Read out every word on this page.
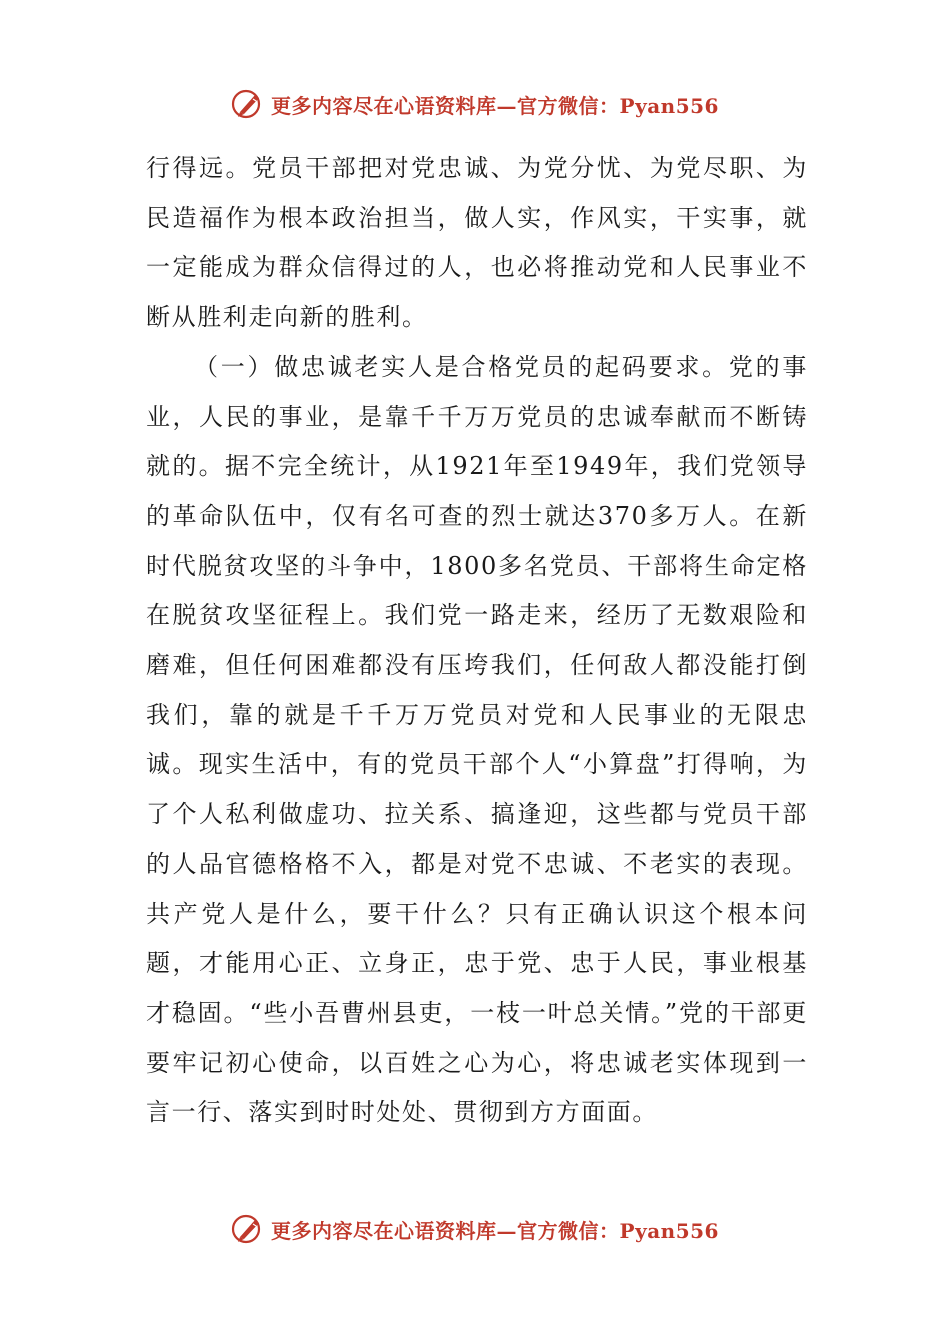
更多内容尽在心语资料库—官方微信：Pyan556

行得远。党员干部把对党忠诚、为党分忧、为党尽职、为民造福作为根本政治担当，做人实，作风实，干实事，就一定能成为群众信得过的人，也必将推动党和人民事业不断从胜利走向新的胜利。

（一）做忠诚老实人是合格党员的起码要求。党的事业，人民的事业，是靠千千万万党员的忠诚奉献而不断铸就的。据不完全统计，从1921年至1949年，我们党领导的革命队伍中，仅有名可查的烈士就达370多万人。在新时代脱贫攻坚的斗争中，1800多名党员、干部将生命定格在脱贫攻坚征程上。我们党一路走来，经历了无数艰险和磨难，但任何困难都没有压垮我们，任何敌人都没能打倒我们，靠的就是千千万万党员对党和人民事业的无限忠诚。现实生活中，有的党员干部个人“小算盘”打得响，为了个人私利做虚功、拉关系、搞逢迎，这些都与党员干部的人品官德格格不入，都是对党不忠诚、不老实的表现。共产党人是什么，要干什么？只有正确认识这个根本问题，才能用心正、立身正，忠于党、忠于人民，事业根基才稳固。“些小吾曹州县吏，一枝一叶总关情。”党的干部更要牢记初心使命，以百姓之心为心，将忠诚老实体现到一言一行、落实到时时处处、贯彻到方方面面。

更多内容尽在心语资料库—官方微信：Pyan556
